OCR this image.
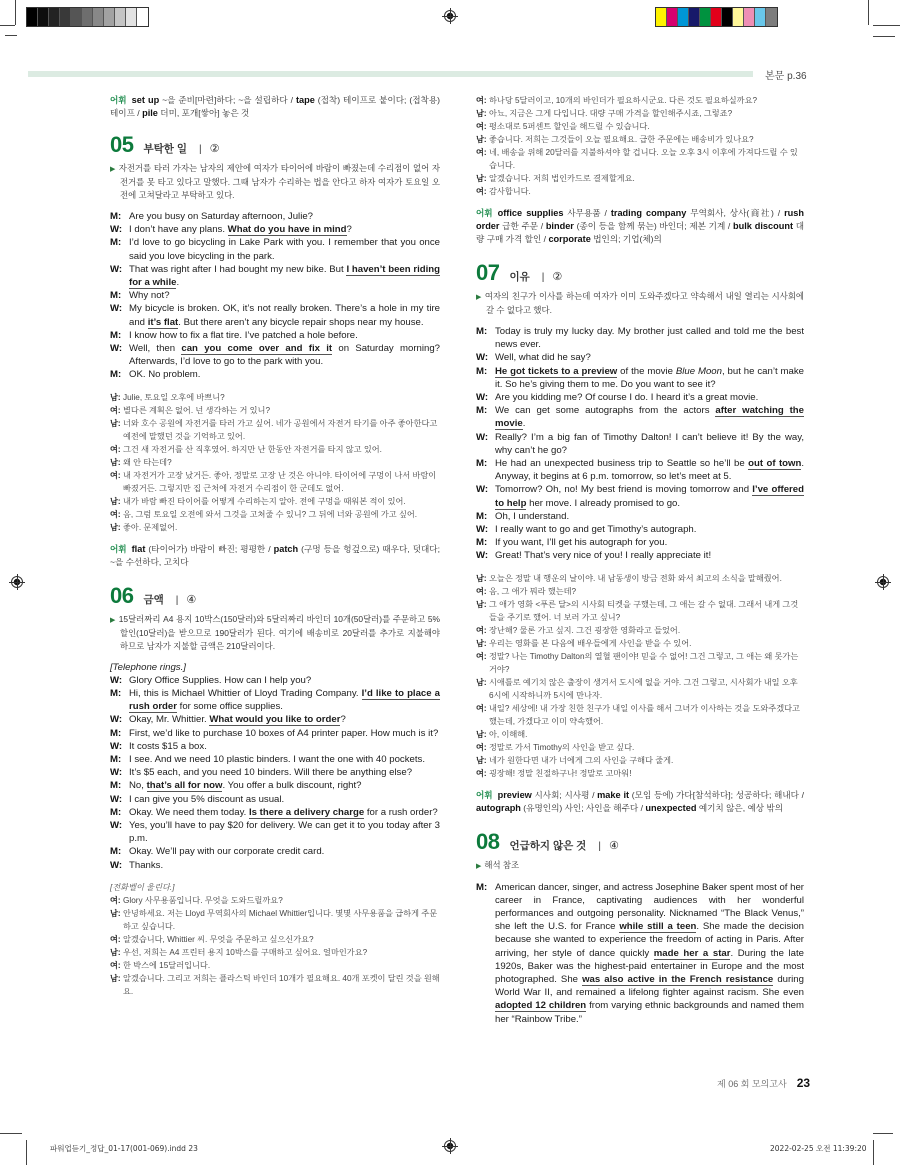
본문 p.36
어휘 set up ~을 준비[마련]하다; ~을 설립하다 / tape (접착) 테이프로 붙이다; (접착용) 테이프 / pile 더미, 포개[쌓아] 놓은 것
05 부탁한 일 | ②
▶ 자전거를 타러 가자는 남자의 제안에 여자가 타이어에 바람이 빠졌는데 수리점이 없어 자전거를 못 타고 있다고 말했다. 그때 남자가 수리하는 법을 안다고 하자 여자가 토요일 오전에 고쳐달라고 부탁하고 있다.
M: Are you busy on Saturday afternoon, Julie?
W: I don’t have any plans. What do you have in mind?
M: I’d love to go bicycling in Lake Park with you. I remember that you once said you love bicycling in the park.
W: That was right after I had bought my new bike. But I haven’t been riding for a while.
M: Why not?
W: My bicycle is broken. OK, it’s not really broken. There’s a hole in my tire and it’s flat. But there aren’t any bicycle repair shops near my house.
M: I know how to fix a flat tire. I’ve patched a hole before.
W: Well, then can you come over and fix it on Saturday morning? Afterwards, I’d love to go to the park with you.
M: OK. No problem.
남: Julie, 토요일 오후에 바쁘니?
여: 별다른 계획은 없어. 넌 생각하는 거 있니?
남: 너와 호수 공원에 자전거를 타러 가고 싶어. 네가 공원에서 자전거 타기를 아주 좋아한다고 예전에 말했던 것을 기억하고 있어.
여: 그건 새 자전거를 산 직후였어. 하지만 난 한동안 자전거를 타지 않고 있어.
남: 왜 안 타는데?
여: 내 자전거가 고장 났거든. 좋아, 정말로 고장 난 것은 아니야. 타이어에 구멍이 나서 바람이 빠졌거든. 그렇지만 집 근처에 자전거 수리점이 한 군데도 없어.
남: 내가 바람 빠진 타이어를 어떻게 수리하는지 알아. 전에 구멍을 때워본 적이 있어.
여: 음, 그럼 토요일 오전에 와서 그것을 고쳐줄 수 있니? 그 뒤에 너와 공원에 가고 싶어.
남: 좋아. 문제없어.
어휘 flat (타이어가) 바람이 빠진; 평평한 / patch (구멍 등을 헝겊으로) 때우다, 덧대다; ~을 수선하다, 고치다
06 금액 | ④
▶ 15달러짜리 A4 용지 10박스(150달러)와 5달러짜리 바인더 10개(50달러)를 주문하고 5% 할인(10달러)을 받으므로 190달러가 된다. 여기에 배송비로 20달러를 추가로 지불해야 하므로 남자가 지불할 금액은 210달러이다.
[Telephone rings.]
W: Glory Office Supplies. How can I help you?
M: Hi, this is Michael Whittier of Lloyd Trading Company. I’d like to place a rush order for some office supplies.
W: Okay, Mr. Whittier. What would you like to order?
M: First, we’d like to purchase 10 boxes of A4 printer paper. How much is it?
W: It costs $15 a box.
M: I see. And we need 10 plastic binders. I want the one with 40 pockets.
W: It’s $5 each, and you need 10 binders. Will there be anything else?
M: No, that’s all for now. You offer a bulk discount, right?
W: I can give you 5% discount as usual.
M: Okay. We need them today. Is there a delivery charge for a rush order?
W: Yes, you’ll have to pay $20 for delivery. We can get it to you today after 3 p.m.
M: Okay. We’ll pay with our corporate credit card.
W: Thanks.
[전화벨이 울린다.]
여: Glory 사무용품입니다. 무엇을 도와드릴까요?
남: 안녕하세요. 저는 Lloyd 무역회사의 Michael Whittier입니다. 몇몇 사무용품을 급하게 주문하고 싶습니다.
여: 알겠습니다, Whittier 씨. 무엇을 주문하고 싶으신가요?
남: 우선, 저희는 A4 프린터 용지 10박스를 구매하고 싶어요. 얼마인가요?
여: 한 박스에 15달러입니다.
남: 알겠습니다. 그리고 저희는 플라스틱 바인더 10개가 필요해요. 40개 포켓이 달린 것을 원해요.
여: 하나당 5달러이고, 10개의 바인더가 필요하시군요. 다른 것도 필요하실까요?
남: 아뇨, 지금은 그게 다입니다. 대량 구매 가격을 할인해주시죠, 그렇죠?
여: 평소대로 5퍼센트 할인을 해드릴 수 있습니다.
남: 좋습니다. 저희는 그것들이 오늘 필요해요. 급한 주문에는 배송비가 있나요?
여: 네, 배송을 위해 20달러를 지불하셔야 할 겁니다. 오늘 오후 3시 이후에 가져다드릴 수 있습니다.
남: 알겠습니다. 저희 법인카드로 결제할게요.
여: 감사합니다.
어휘 office supplies 사무용품 / trading company 무역회사, 상사(商社) / rush order 급한 주문 / binder (종이 등을 함께 묶는) 바인더; 제본 기계 / bulk discount 대량 구매 가격 할인 / corporate 법인의; 기업(체)의
07 이유 | ②
▶ 여자의 친구가 이사를 하는데 여자가 이미 도와주겠다고 약속해서 내일 열리는 시사회에 갈 수 없다고 했다.
M: Today is truly my lucky day. My brother just called and told me the best news ever.
W: Well, what did he say?
M: He got tickets to a preview of the movie Blue Moon, but he can’t make it. So he’s giving them to me. Do you want to see it?
W: Are you kidding me? Of course I do. I heard it’s a great movie.
M: We can get some autographs from the actors after watching the movie.
W: Really? I’m a big fan of Timothy Dalton! I can’t believe it! By the way, why can’t he go?
M: He had an unexpected business trip to Seattle so he’ll be out of town. Anyway, it begins at 6 p.m. tomorrow, so let’s meet at 5.
W: Tomorrow? Oh, no! My best friend is moving tomorrow and I’ve offered to help her move. I already promised to go.
M: Oh, I understand.
W: I really want to go and get Timothy’s autograph.
M: If you want, I’ll get his autograph for you.
W: Great! That’s very nice of you! I really appreciate it!
남: 오늘은 정말 내 행운의 날이야. 내 남동생이 방금 전화 와서 최고의 소식을 말해줬어.
여: 음, 그 애가 뭐라 했는데?
남: 그 애가 영화 <푸른 달>의 시사회 티켓을 구했는데, 그 애는 갈 수 없대. 그래서 내게 그것들을 주기로 했어. 너 보러 가고 싶니?
여: 장난해? 물론 가고 싶지. 그건 굉장한 영화라고 들었어.
남: 우리는 영화를 본 다음에 배우들에게 사인을 받을 수 있어.
여: 정말? 나는 Timothy Dalton의 열혈 팬이야! 믿을 수 없어! 그건 그렇고, 그 애는 왜 못가는 거야?
남: 시애틀로 예기치 않은 출장이 생겨서 도시에 없을 거야. 그건 그렇고, 시사회가 내일 오후 6시에 시작하니까 5시에 만나자.
여: 내일? 세상에! 내 가장 친한 친구가 내일 이사를 해서 그녀가 이사하는 것을 도와주겠다고 했는데, 가겠다고 이미 약속했어.
남: 아, 이해해.
여: 정말로 가서 Timothy의 사인을 받고 싶다.
남: 네가 원한다면 내가 너에게 그의 사인을 구해다 줄게.
여: 굉장해! 정말 친절하구나! 정말로 고마워!
어휘 preview 시사회; 시사평 / make it (모임 등에) 가다[참석하다]; 성공하다; 해내다 / autograph (유명인의) 사인; 사인을 해주다 / unexpected 예기치 않은, 예상 밖의
08 언급하지 않은 것 | ④
▶ 해석 참조
M: American dancer, singer, and actress Josephine Baker spent most of her career in France, captivating audiences with her wonderful performances and outgoing personality. Nicknamed “The Black Venus,” she left the U.S. for France while still a teen. She made the decision because she wanted to experience the freedom of acting in Paris. After arriving, her style of dance quickly made her a star. During the late 1920s, Baker was the highest-paid entertainer in Europe and the most photographed. She was also active in the French resistance during World War II, and remained a lifelong fighter against racism. She even adopted 12 children from varying ethnic backgrounds and named them her “Rainbow Tribe.”
제 06 회 모의고사 23
파워업듣기_정답_01-17(001-069).indd 23	2022-02-25 오전 11:39:20
